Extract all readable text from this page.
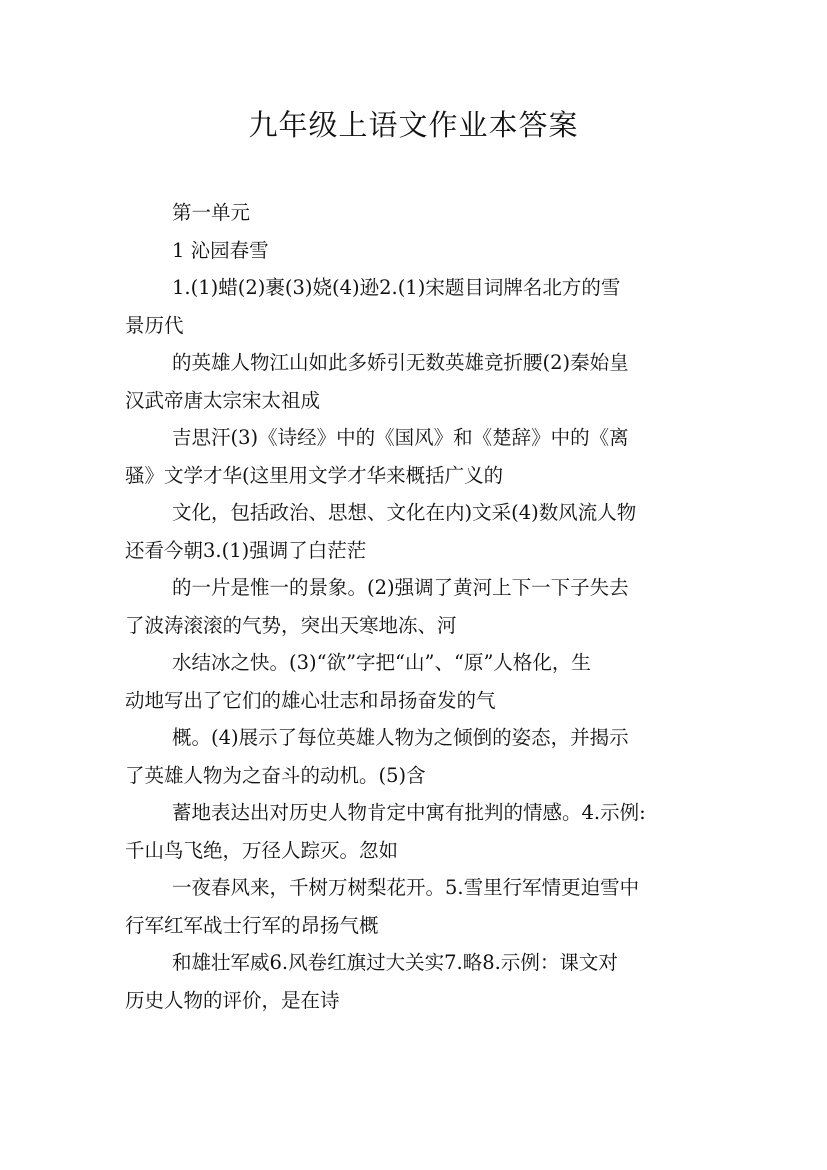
九年级上语文作业本答案

第一单元

1 沁园春雪

1.(1)蜡(2)裹(3)娆(4)逊2.(1)宋题目词牌名北方的雪
景历代

的英雄人物江山如此多娇引无数英雄竞折腰(2)秦始皇
汉武帝唐太宗宋太祖成

吉思汗(3)《诗经》中的《国风》和《楚辞》中的《离
骚》文学才华(这里用文学才华来概括广义的

文化，包括政治、思想、文化在内)文采(4)数风流人物
还看今朝3.(1)强调了白茫茫

的一片是惟一的景象。(2)强调了黄河上下一下子失去
了波涛滚滚的气势，突出天寒地冻、河

水结冰之快。(3)“欲”字把“山”、“原”人格化，生
动地写出了它们的雄心壮志和昂扬奋发的气

概。(4)展示了每位英雄人物为之倾倒的姿态，并揭示
了英雄人物为之奋斗的动机。(5)含

蓄地表达出对历史人物肯定中寓有批判的情感。4.示例:
千山鸟飞绝，万径人踪灭。忽如

一夜春风来，千树万树梨花开。5.雪里行军情更迫雪中
行军红军战士行军的昂扬气概

和雄壮军威6.风卷红旗过大关实7.略8.示例：课文对
历史人物的评价，是在诗
